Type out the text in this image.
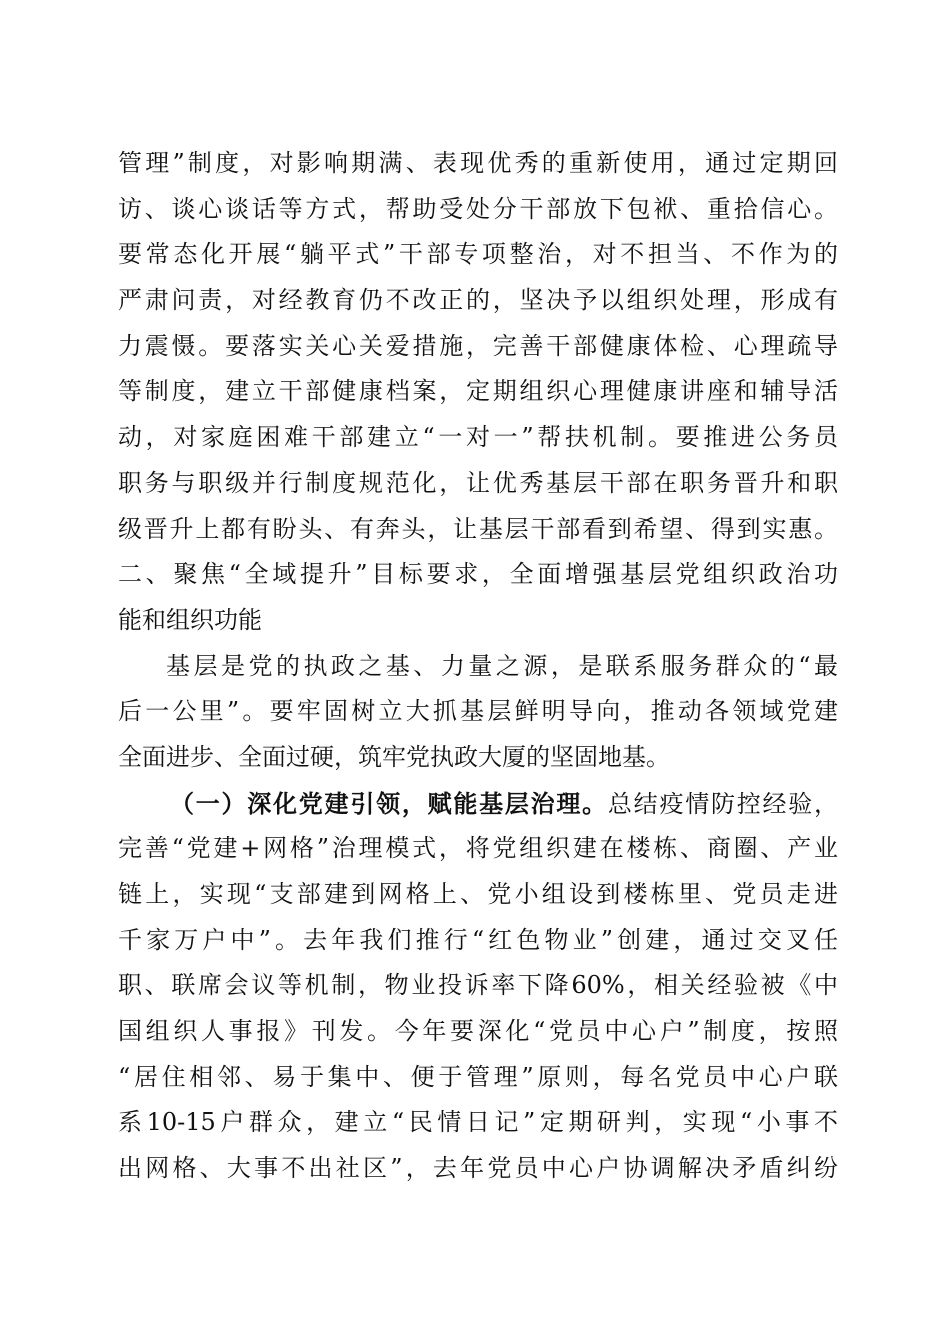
管理”制度，对影响期满、表现优秀的重新使用，通过定期回
访、谈心谈话等方式，帮助受处分干部放下包袱、重拾信心。
要常态化开展“躺平式”干部专项整治，对不担当、不作为的
严肃问责，对经教育仍不改正的，坚决予以组织处理，形成有
力震慑。要落实关心关爱措施，完善干部健康体检、心理疏导
等制度，建立干部健康档案，定期组织心理健康讲座和辅导活
动，对家庭困难干部建立“一对一”帮扶机制。要推进公务员
职务与职级并行制度规范化，让优秀基层干部在职务晋升和职
级晋升上都有盼头、有奔头，让基层干部看到希望、得到实惠。
二、聚焦“全域提升”目标要求，全面增强基层党组织政治功
能和组织功能
基层是党的执政之基、力量之源，是联系服务群众的“最
后一公里”。要牢固树立大抓基层鲜明导向，推动各领域党建
全面进步、全面过硬，筑牢党执政大厦的坚固地基。
（一）深化党建引领，赋能基层治理。总结疫情防控经验，
完善“党建+网格”治理模式，将党组织建在楼栋、商圈、产业
链上，实现“支部建到网格上、党小组设到楼栋里、党员走进
千家万户中”。去年我们推行“红色物业”创建，通过交叉任
职、联席会议等机制，物业投诉率下降60%，相关经验被《中
国组织人事报》刊发。今年要深化“党员中心户”制度，按照
“居住相邻、易于集中、便于管理”原则，每名党员中心户联
系10-15户群众，建立“民情日记”定期研判，实现“小事不
出网格、大事不出社区”，去年党员中心户协调解决矛盾纠纷
